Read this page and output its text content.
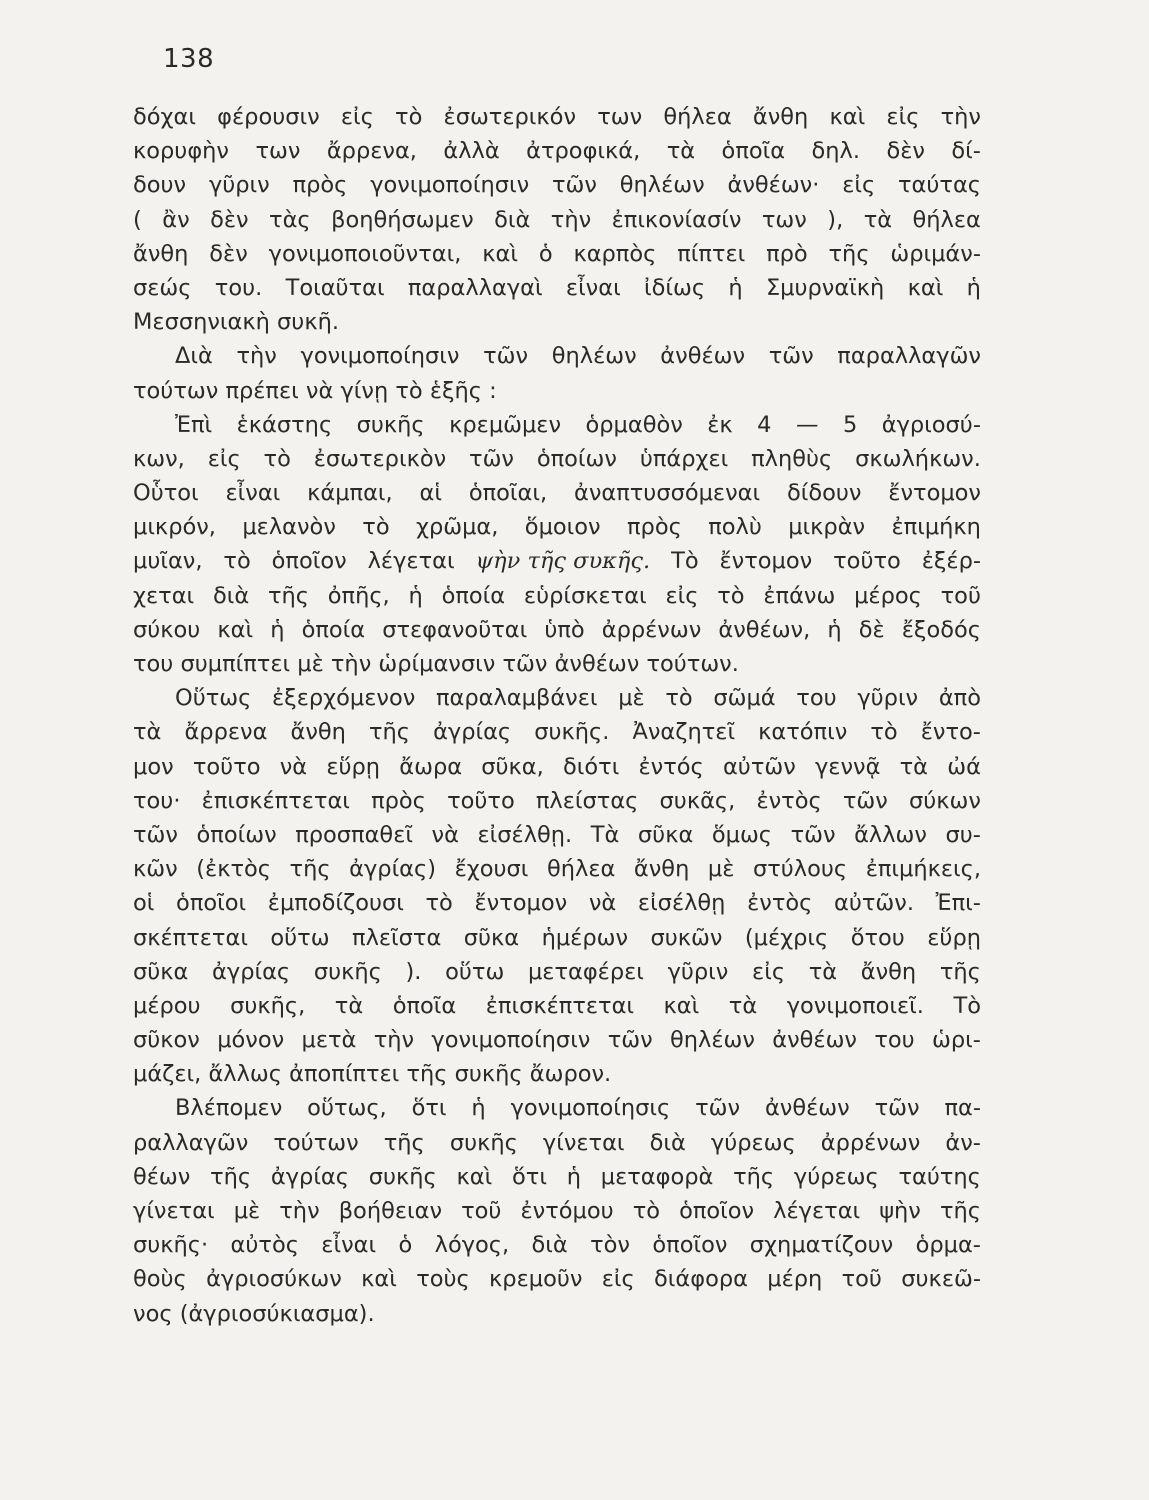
138
δόχαι φέρουσιν εἰς τὸ ἐσωτερικόν των θήλεα ἄνθη καὶ εἰς τὴν
κορυφὴν των ἄρρενα, ἀλλὰ ἀτροφικά, τὰ ὁποῖα δηλ. δὲν δί-
δουν γῦριν πρὸς γονιμοποίησιν τῶν θηλέων ἀνθέων· εἰς ταύτας
( ἂν δὲν τὰς βοηθήσωμεν διὰ τὴν ἐπικονίασίν των ), τὰ θήλεα
ἄνθη δὲν γονιμοποιοῦνται, καὶ ὁ καρπὸς πίπτει πρὸ τῆς ὡριμάν-
σεώς του. Τοιαῦται παραλλαγαὶ εἶναι ἰδίως ἡ Σμυρναϊκὴ καὶ ἡ
Μεσσηνιακὴ συκῆ.
Διὰ τὴν γονιμοποίησιν τῶν θηλέων ἀνθέων τῶν παραλλαγῶν
τούτων πρέπει νὰ γίνῃ τὸ ἑξῆς :
Ἐπὶ ἑκάστης συκῆς κρεμῶμεν ὁρμαθὸν ἐκ 4 — 5 ἀγριοσύ-
κων, εἰς τὸ ἐσωτερικὸν τῶν ὁποίων ὑπάρχει πληθὺς σκωλήκων.
Οὗτοι εἶναι κάμπαι, αἱ ὁποῖαι, ἀναπτυσσόμεναι δίδουν ἔντομον
μικρόν, μελανὸν τὸ χρῶμα, ὅμοιον πρὸς πολὺ μικρὰν ἐπιμήκη
μυῖαν, τὸ ὁποῖον λέγεται ψὴν τῆς συκῆς. Τὸ ἔντομον τοῦτο ἐξέρ-
χεται διὰ τῆς ὀπῆς, ἡ ὁποία εὑρίσκεται εἰς τὸ ἐπάνω μέρος τοῦ
σύκου καὶ ἡ ὁποία στεφανοῦται ὑπὸ ἀρρένων ἀνθέων, ἡ δὲ ἔξοδός
του συμπίπτει μὲ τὴν ὡρίμανσιν τῶν ἀνθέων τούτων.
Οὕτως ἐξερχόμενον παραλαμβάνει μὲ τὸ σῶμά του γῦριν ἀπὸ
τὰ ἄρρενα ἄνθη τῆς ἀγρίας συκῆς. Ἀναζητεῖ κατόπιν τὸ ἔντο-
μον τοῦτο νὰ εὕρῃ ἄωρα σῦκα, διότι ἐντός αὐτῶν γεννᾷ τὰ ὠά
του· ἐπισκέπτεται πρὸς τοῦτο πλείστας συκᾶς, ἐντὸς τῶν σύκων
τῶν ὁποίων προσπαθεῖ νὰ εἰσέλθῃ. Τὰ σῦκα ὅμως τῶν ἄλλων συ-
κῶν (ἐκτὸς τῆς ἀγρίας) ἔχουσι θήλεα ἄνθη μὲ στύλους ἐπιμήκεις,
οἱ ὁποῖοι ἐμποδίζουσι τὸ ἔντομον νὰ εἰσέλθῃ ἐντὸς αὐτῶν. Ἐπι-
σκέπτεται οὕτω πλεῖστα σῦκα ἡμέρων συκῶν (μέχρις ὅτου εὕρῃ
σῦκα ἀγρίας συκῆς ). οὕτω μεταφέρει γῦριν εἰς τὰ ἄνθη τῆς
μέρου συκῆς, τὰ ὁποῖα ἐπισκέπτεται καὶ τὰ γονιμοποιεῖ. Τὸ
σῦκον μόνον μετὰ τὴν γονιμοποίησιν τῶν θηλέων ἀνθέων του ὡρι-
μάζει, ἄλλως ἀποπίπτει τῆς συκῆς ἄωρον.
Βλέπομεν οὕτως, ὅτι ἡ γονιμοποίησις τῶν ἀνθέων τῶν πα-
ραλλαγῶν τούτων τῆς συκῆς γίνεται διὰ γύρεως ἀρρένων ἀν-
θέων τῆς ἀγρίας συκῆς καὶ ὅτι ἡ μεταφορὰ τῆς γύρεως ταύτης
γίνεται μὲ τὴν βοήθειαν τοῦ ἐντόμου τὸ ὁποῖον λέγεται ψὴν τῆς
συκῆς· αὐτὸς εἶναι ὁ λόγος, διὰ τὸν ὁποῖον σχηματίζουν ὁρμα-
θοὺς ἀγριοσύκων καὶ τοὺς κρεμοῦν εἰς διάφορα μέρη τοῦ συκεῶ-
νος (ἀγριοσύκιασμα).
